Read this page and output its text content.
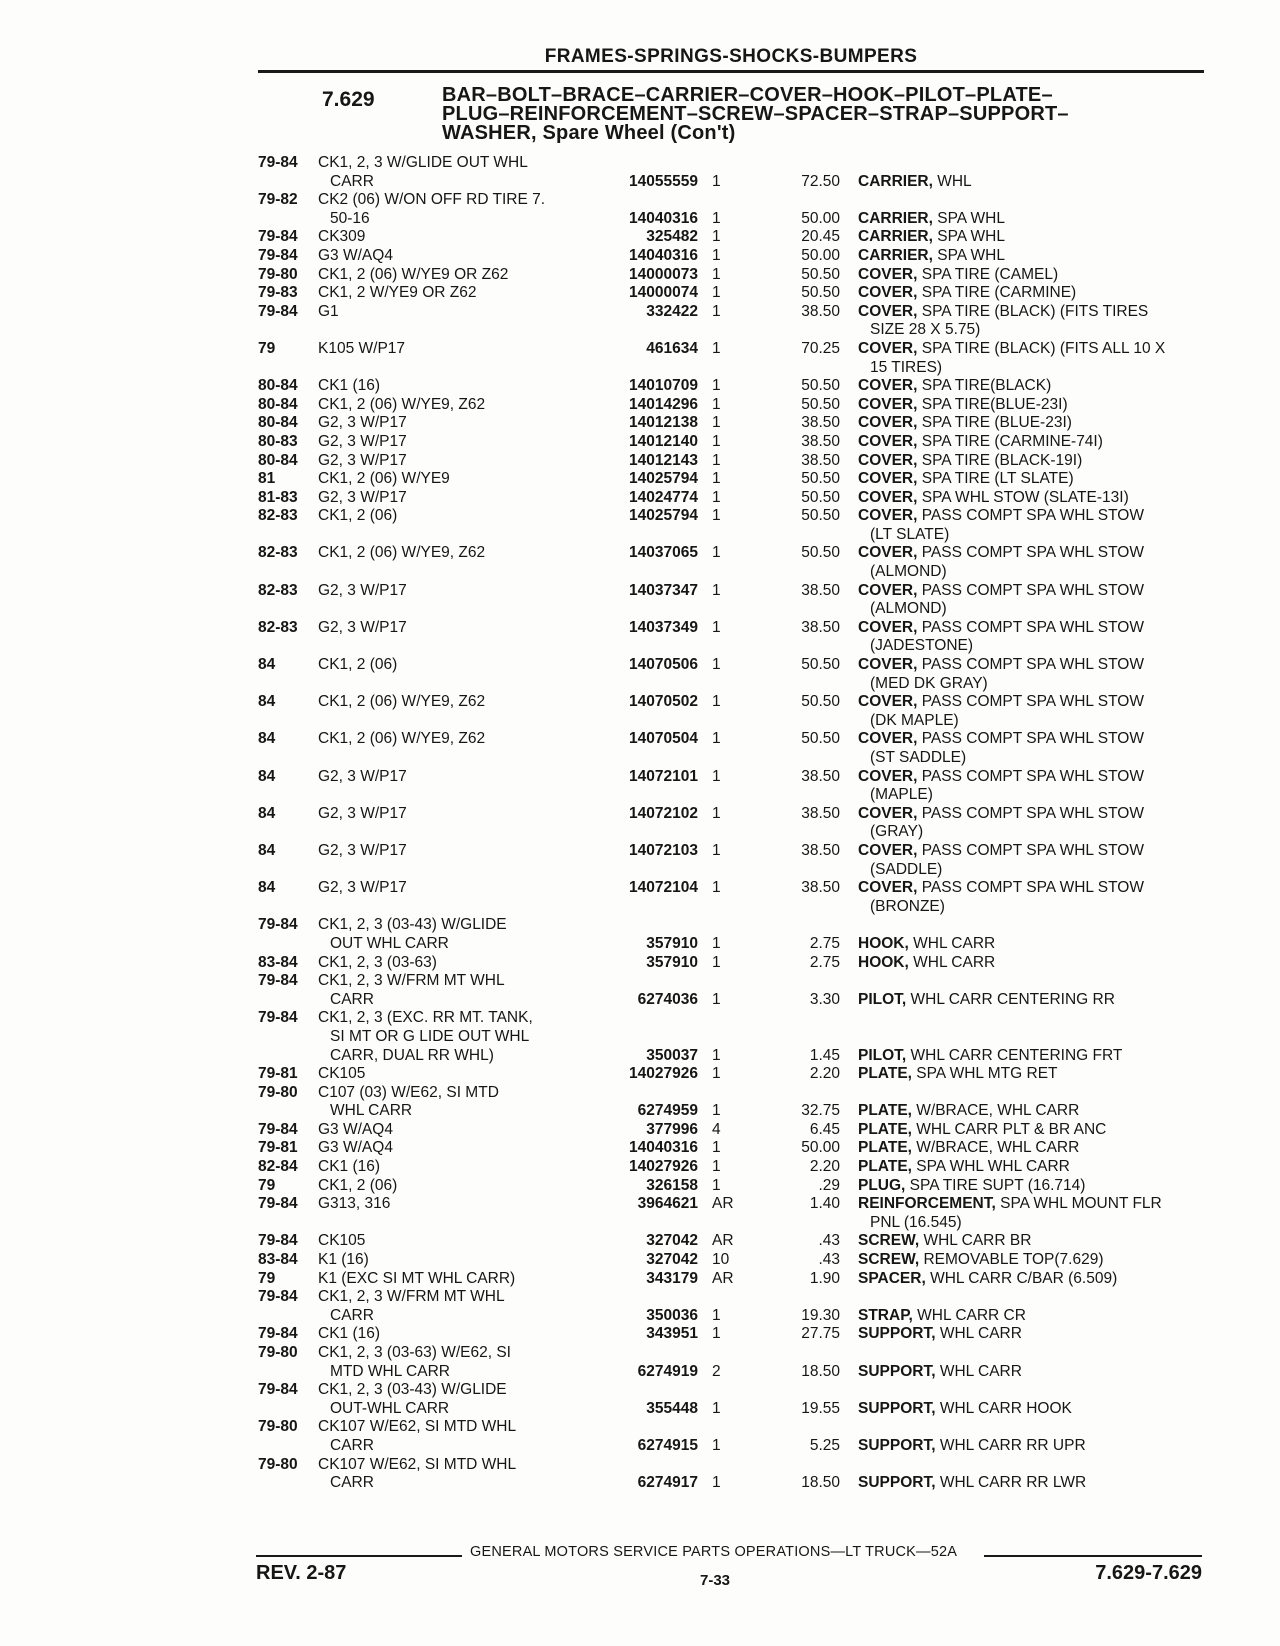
FRAMES-SPRINGS-SHOCKS-BUMPERS
7.629	BAR–BOLT–BRACE–CARRIER–COVER–HOOK–PILOT–PLATE–
PLUG–REINFORCEMENT–SCREW–SPACER–STRAP–SUPPORT–
WASHER, Spare Wheel (Con't)
79-84 CK1, 2, 3 W/GLIDE OUT WHL
CARR	14055559 1	72.50 CARRIER, WHL
79-82 CK2 (06) W/ON OFF RD TIRE 7.
50-16	14040316 1	50.00 CARRIER, SPA WHL
79-84 CK309	325482 1	20.45 CARRIER, SPA WHL
79-84 G3 W/AQ4	14040316 1	50.00 CARRIER, SPA WHL
79-80 CK1, 2 (06) W/YE9 OR Z62	14000073 1	50.50 COVER, SPA TIRE (CAMEL)
79-83 CK1, 2 W/YE9 OR Z62	14000074 1	50.50 COVER, SPA TIRE (CARMINE)
79-84 G1	332422 1	38.50 COVER, SPA TIRE (BLACK) (FITS TIRES
SIZE 28 X 5.75)
79	K105 W/P17	461634 1	70.25 COVER, SPA TIRE (BLACK) (FITS ALL 10 X
15 TIRES)
80-84 CK1 (16)	14010709 1	50.50 COVER, SPA TIRE(BLACK)
80-84 CK1, 2 (06) W/YE9, Z62	14014296 1	50.50 COVER, SPA TIRE(BLUE-23I)
80-84 G2, 3 W/P17	14012138 1	38.50 COVER, SPA TIRE (BLUE-23I)
80-83 G2, 3 W/P17	14012140 1	38.50 COVER, SPA TIRE (CARMINE-74I)
80-84 G2, 3 W/P17	14012143 1	38.50 COVER, SPA TIRE (BLACK-19I)
81	CK1, 2 (06) W/YE9	14025794 1	50.50 COVER, SPA TIRE (LT SLATE)
81-83 G2, 3 W/P17	14024774 1	50.50 COVER, SPA WHL STOW (SLATE-13I)
82-83 CK1, 2 (06)	14025794 1	50.50 COVER, PASS COMPT SPA WHL STOW
(LT SLATE)
82-83 CK1, 2 (06) W/YE9, Z62	14037065 1	50.50 COVER, PASS COMPT SPA WHL STOW
(ALMOND)
82-83 G2, 3 W/P17	14037347 1	38.50 COVER, PASS COMPT SPA WHL STOW
(ALMOND)
82-83 G2, 3 W/P17	14037349 1	38.50 COVER, PASS COMPT SPA WHL STOW
(JADESTONE)
84	CK1, 2 (06)	14070506 1	50.50 COVER, PASS COMPT SPA WHL STOW
(MED DK GRAY)
84	CK1, 2 (06) W/YE9, Z62	14070502 1	50.50 COVER, PASS COMPT SPA WHL STOW
(DK MAPLE)
84	CK1, 2 (06) W/YE9, Z62	14070504 1	50.50 COVER, PASS COMPT SPA WHL STOW
(ST SADDLE)
84	G2, 3 W/P17	14072101 1	38.50 COVER, PASS COMPT SPA WHL STOW
(MAPLE)
84	G2, 3 W/P17	14072102 1	38.50 COVER, PASS COMPT SPA WHL STOW
(GRAY)
84	G2, 3 W/P17	14072103 1	38.50 COVER, PASS COMPT SPA WHL STOW
(SADDLE)
84	G2, 3 W/P17	14072104 1	38.50 COVER, PASS COMPT SPA WHL STOW
(BRONZE)
79-84 CK1, 2, 3 (03-43) W/GLIDE
OUT WHL CARR	357910 1	2.75 HOOK, WHL CARR
83-84 CK1, 2, 3 (03-63)	357910 1	2.75 HOOK, WHL CARR
79-84 CK1, 2, 3 W/FRM MT WHL
CARR	6274036 1	3.30 PILOT, WHL CARR CENTERING RR
79-84 CK1, 2, 3 (EXC. RR MT. TANK,
SI MT OR G LIDE OUT WHL
CARR, DUAL RR WHL)	350037 1	1.45 PILOT, WHL CARR CENTERING FRT
79-81 CK105	14027926 1	2.20 PLATE, SPA WHL MTG RET
79-80 C107 (03) W/E62, SI MTD
WHL CARR	6274959 1	32.75 PLATE, W/BRACE, WHL CARR
79-84 G3 W/AQ4	377996 4	6.45 PLATE, WHL CARR PLT & BR ANC
79-81 G3 W/AQ4	14040316 1	50.00 PLATE, W/BRACE, WHL CARR
82-84 CK1 (16)	14027926 1	2.20 PLATE, SPA WHL WHL CARR
79	CK1, 2 (06)	326158 1	.29 PLUG, SPA TIRE SUPT (16.714)
79-84 G313, 316	3964621 AR	1.40 REINFORCEMENT, SPA WHL MOUNT FLR
PNL (16.545)
79-84 CK105	327042 AR	.43 SCREW, WHL CARR BR
83-84 K1 (16)	327042 10	.43 SCREW, REMOVABLE TOP(7.629)
79	K1 (EXC SI MT WHL CARR)	343179 AR	1.90 SPACER, WHL CARR C/BAR (6.509)
79-84 CK1, 2, 3 W/FRM MT WHL
CARR	350036 1	19.30 STRAP, WHL CARR CR
79-84 CK1 (16)	343951 1	27.75 SUPPORT, WHL CARR
79-80 CK1, 2, 3 (03-63) W/E62, SI
MTD WHL CARR	6274919 2	18.50 SUPPORT, WHL CARR
79-84 CK1, 2, 3 (03-43) W/GLIDE
OUT-WHL CARR	355448 1	19.55 SUPPORT, WHL CARR HOOK
79-80 CK107 W/E62, SI MTD WHL
CARR	6274915 1	5.25 SUPPORT, WHL CARR RR UPR
79-80 CK107 W/E62, SI MTD WHL
CARR	6274917 1	18.50 SUPPORT, WHL CARR RR LWR
GENERAL MOTORS SERVICE PARTS OPERATIONS—LT TRUCK—52A
REV. 2-87	7-33	7.629-7.629
